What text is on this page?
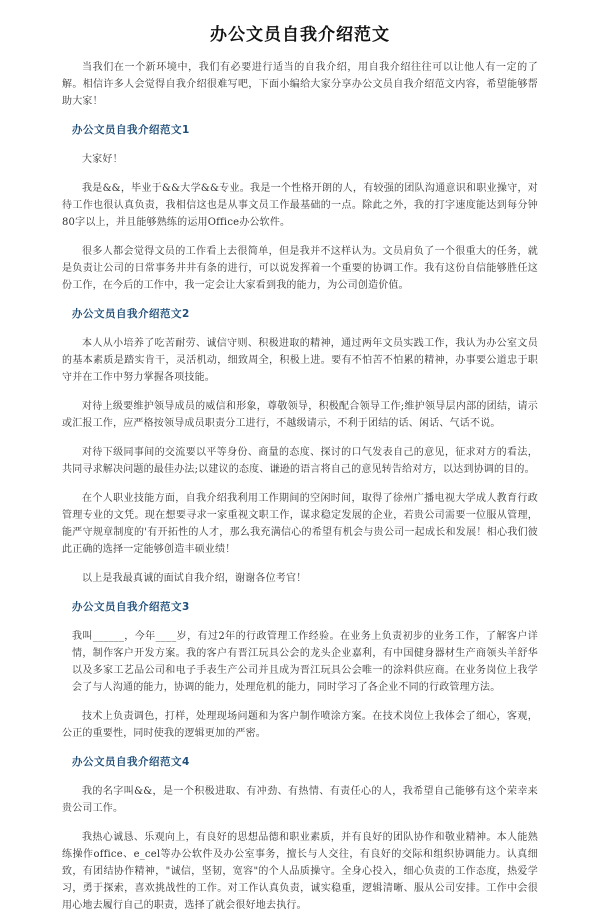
办公文员自我介绍范文

当我们在一个新环境中，我们有必要进行适当的自我介绍，用自我介绍往往可以让他人有一定的了解。相信许多人会觉得自我介绍很难写吧，下面小编给大家分享办公文员自我介绍范文内容，希望能够帮助大家！

办公文员自我介绍范文1

大家好！

我是&&，毕业于&&大学&&专业。我是一个性格开朗的人，有较强的团队沟通意识和职业操守，对待工作也很认真负责，我相信这也是从事文员工作最基础的一点。除此之外，我的打字速度能达到每分钟80字以上，并且能够熟练的运用Office办公软件。

很多人都会觉得文员的工作看上去很简单，但是我并不这样认为。文员肩负了一个很重大的任务，就是负责让公司的日常事务井井有条的进行，可以说发挥着一个重要的协调工作。我有这份自信能够胜任这份工作，在今后的工作中，我一定会让大家看到我的能力，为公司创造价值。

办公文员自我介绍范文2

本人从小培养了吃苦耐劳、诚信守则、积极进取的精神，通过两年文员实践工作，我认为办公室文员的基本素质是踏实肯干，灵活机动，细致周全，积极上进。要有不怕苦不怕累的精神，办事要公道忠于职守并在工作中努力掌握各项技能。

对待上级要维护领导成员的威信和形象，尊敬领导，积极配合领导工作;维护领导层内部的团结，请示或汇报工作，应严格按领导成员职责分工进行，不越级请示，不利于团结的话、闲话、气话不说。

对待下级同事间的交流要以平等身份、商量的态度、探讨的口气发表自己的意见，征求对方的看法，共同寻求解决问题的最佳办法;以建议的态度、谦逊的语言将自己的意见转告给对方，以达到协调的目的。

在个人职业技能方面，自我介绍我利用工作期间的空闲时间，取得了徐州广播电视大学成人教育行政管理专业的文凭。现在想要寻求一家重视文职工作，谋求稳定发展的企业，若贵公司需要一位服从管理，能严守规章制度的'有开拓性的人才，那么我充满信心的希望有机会与贵公司一起成长和发展！相心我们彼此正确的选择一定能够创造丰硕业绩！

以上是我最真诚的面试自我介绍，谢谢各位考官！

办公文员自我介绍范文3

我叫______，今年____岁，有过2年的行政管理工作经验。在业务上负责初步的业务工作，了解客户详情，制作客户开发方案。我的客户有晋江玩具公会的龙头企业嘉利，有中国健身器材生产商领头羊舒华以及多家工艺品公司和电子手表生产公司并且成为晋江玩具公会唯一的涂料供应商。在业务岗位上我学会了与人沟通的能力，协调的能力，处理危机的能力，同时学习了各企业不同的行政管理方法。

技术上负责调色，打样，处理现场问题和为客户制作喷涂方案。在技术岗位上我体会了细心，客观，公正的重要性，同时使我的逻辑更加的严密。

办公文员自我介绍范文4

我的名字叫&&，是一个积极进取、有冲劲、有热情、有责任心的人，我希望自己能够有这个荣幸来贵公司工作。

我热心诚恳、乐观向上，有良好的思想品德和职业素质，并有良好的团队协作和敬业精神。本人能熟练操作office、e_cel等办公软件及办公室事务，擅长与人交往，有良好的交际和组织协调能力。认真细致，有团结协作精神，"诚信，坚韧，宽容"的个人品质操守。全身心投入，细心负责的工作态度，热爱学习，勇于探索，喜欢挑战性的工作。对工作认真负责，诚实稳重，逻辑清晰、服从公司安排。工作中会很用心地去履行自己的职责，选择了就会很好地去执行。
